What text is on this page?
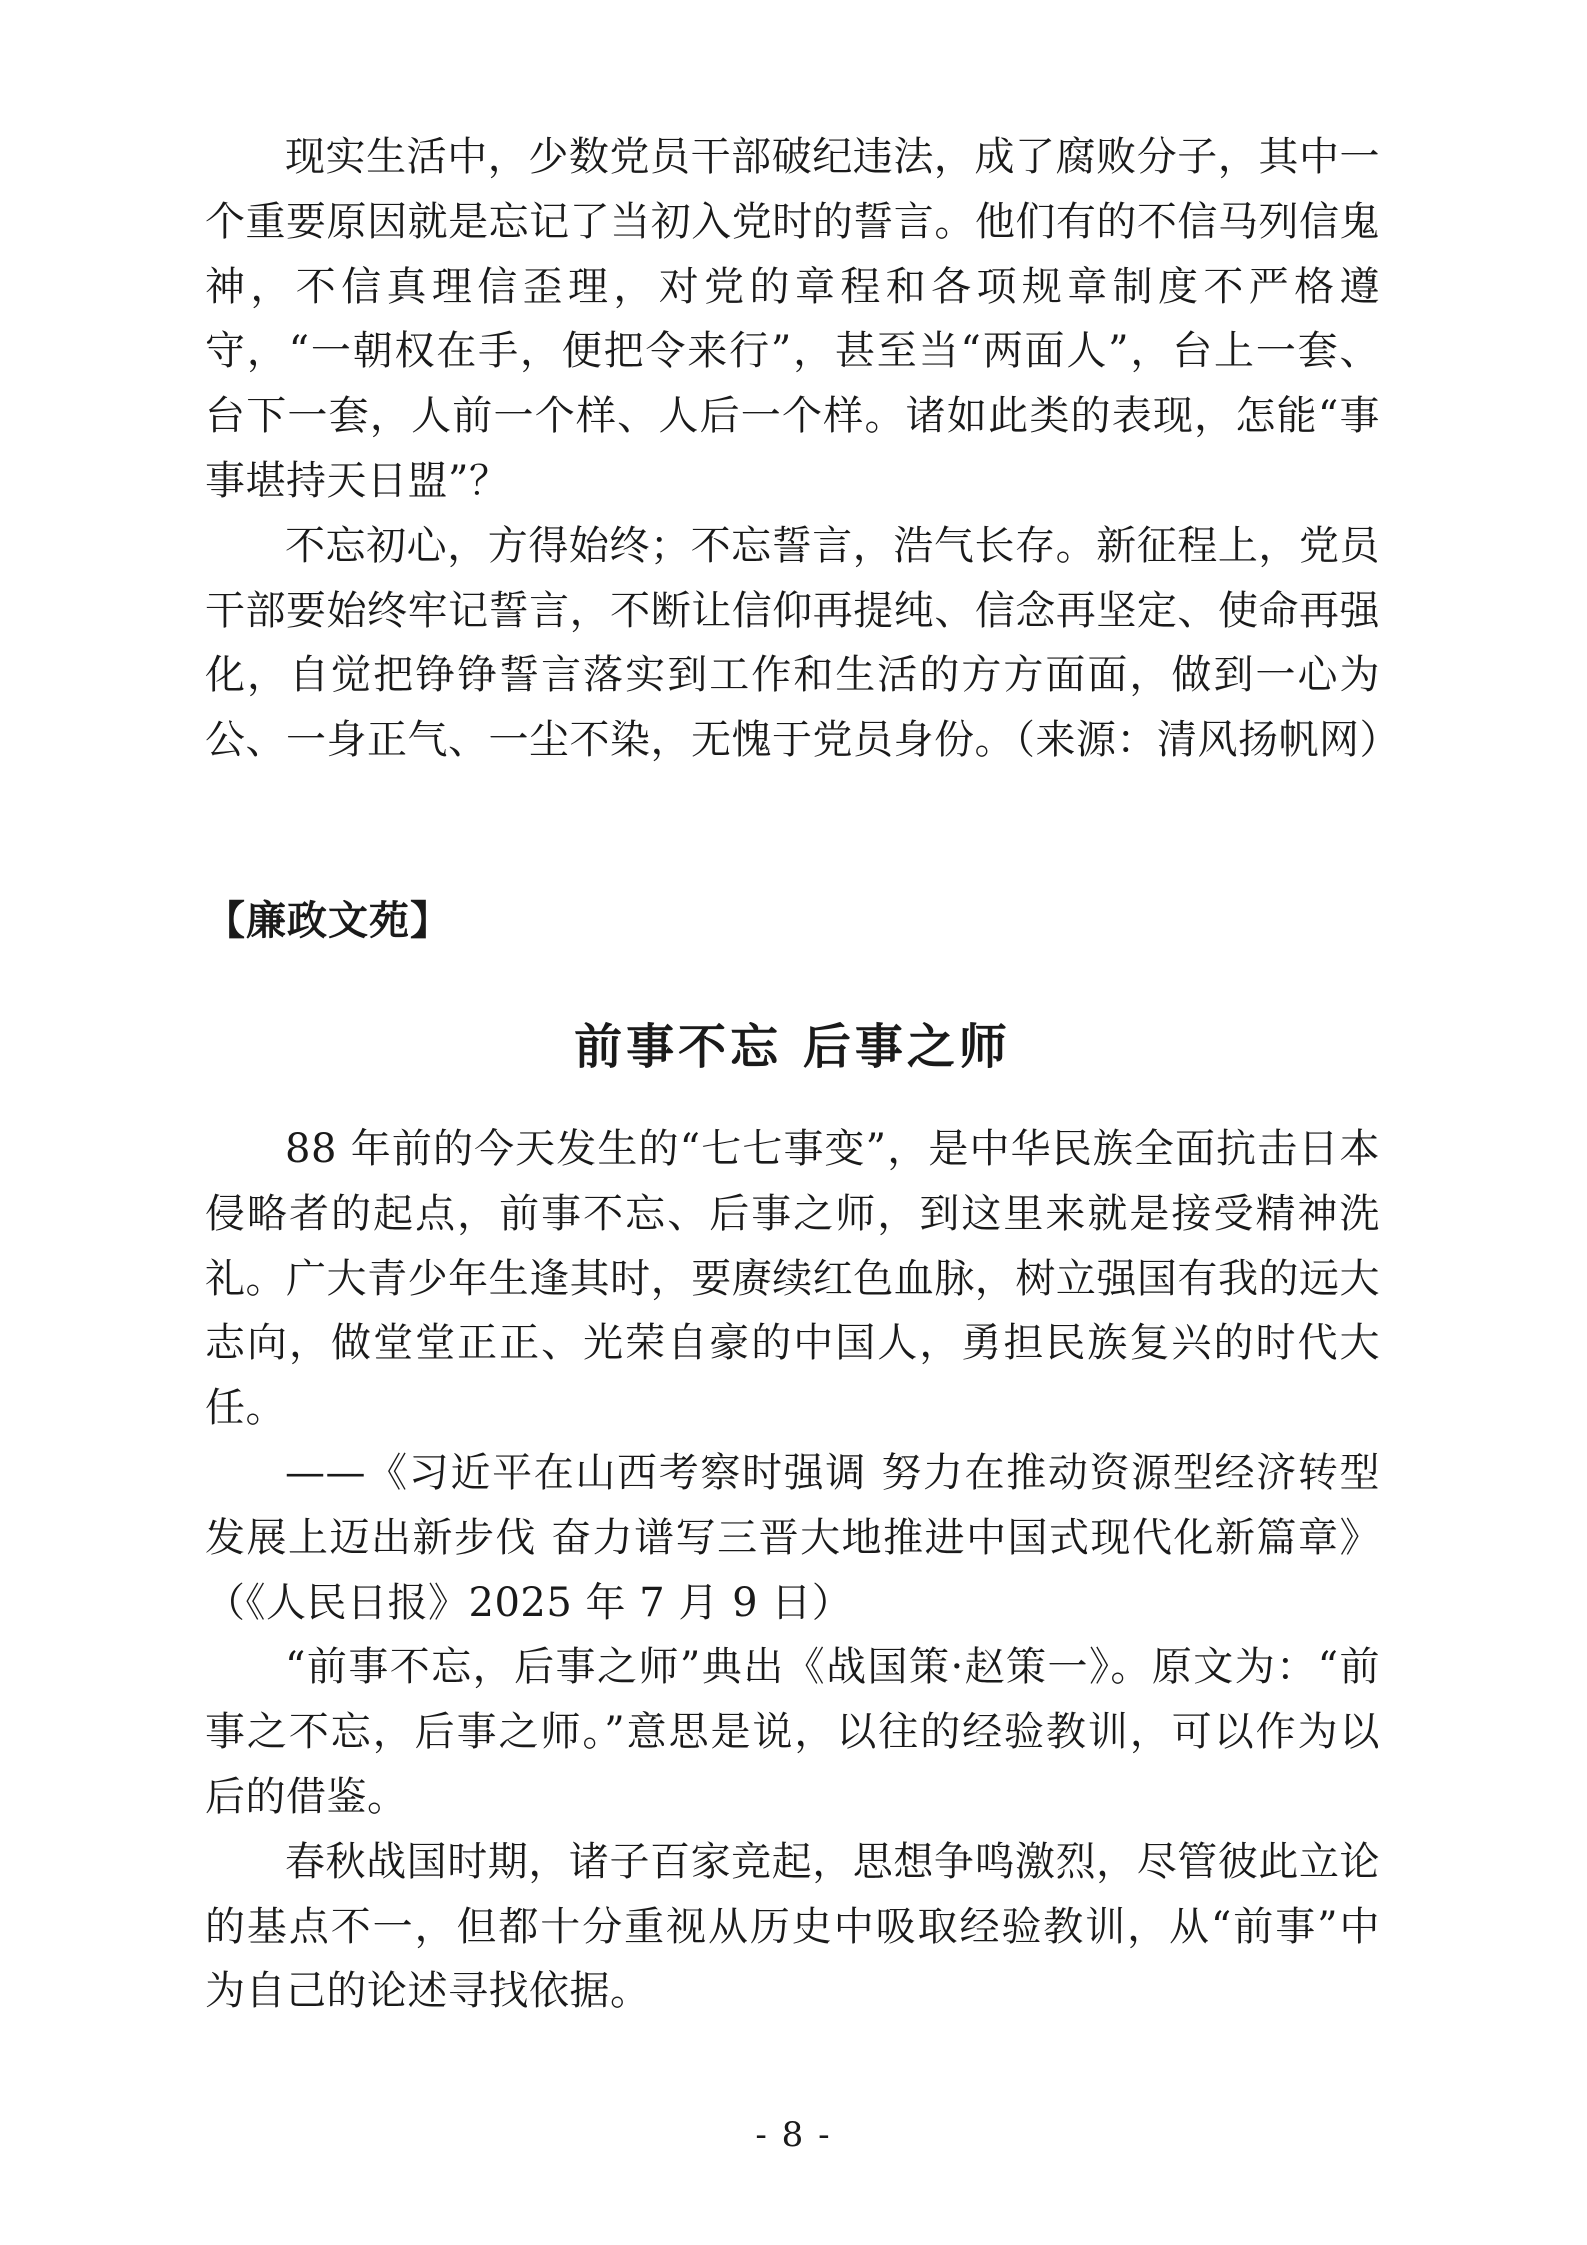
现实生活中，少数党员干部破纪违法，成了腐败分子，其中一个重要原因就是忘记了当初入党时的誓言。他们有的不信马列信鬼神，不信真理信歪理，对党的章程和各项规章制度不严格遵守，“一朝权在手，便把令来行”，甚至当“两面人”，台上一套、台下一套，人前一个样、人后一个样。诸如此类的表现，怎能“事事堪持天日盟”？

不忘初心，方得始终；不忘誓言，浩气长存。新征程上，党员干部要始终牢记誓言，不断让信仰再提纯、信念再坚定、使命再强化，自觉把铮铮誓言落实到工作和生活的方方面面，做到一心为公、一身正气、一尘不染，无愧于党员身份。（来源：清风扬帆网）

【廉政文苑】
前事不忘 后事之师

88 年前的今天发生的“七七事变”，是中华民族全面抗击日本侵略者的起点，前事不忘、后事之师，到这里来就是接受精神洗礼。广大青少年生逢其时，要赓续红色血脉，树立强国有我的远大志向，做堂堂正正、光荣自豪的中国人，勇担民族复兴的时代大任。

——《习近平在山西考察时强调 努力在推动资源型经济转型发展上迈出新步伐 奋力谱写三晋大地推进中国式现代化新篇章》（《人民日报》2025 年 7 月 9 日）

“前事不忘，后事之师”典出《战国策·赵策一》。原文为：“前事之不忘，后事之师。”意思是说，以往的经验教训，可以作为以后的借鉴。

春秋战国时期，诸子百家竞起，思想争鸣激烈，尽管彼此立论的基点不一，但都十分重视从历史中吸取经验教训，从“前事”中为自己的论述寻找依据。

- 8 -
